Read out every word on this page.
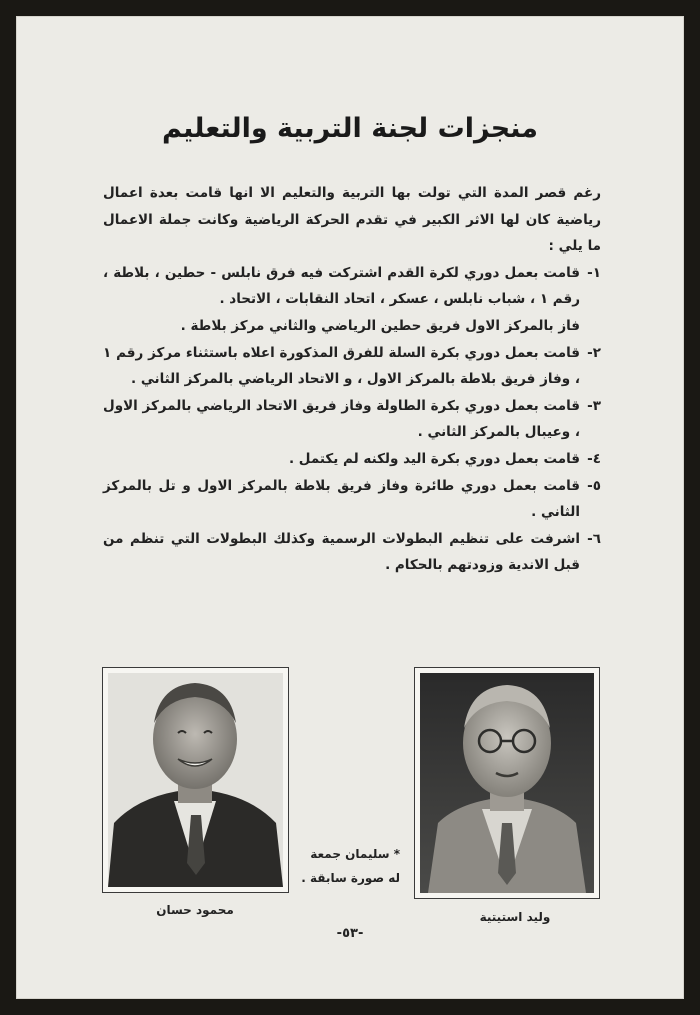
منجزات لجنة التربية والتعليم

رغم قصر المدة التي تولت بها التربية والتعليم الا انها قامت بعدة اعمال رياضية كان لها الاثر الكبير في تقدم الحركة الرياضية وكانت جملة الاعمال ما يلي :

١-

قامت بعمل دوري لكرة القدم اشتركت فيه فرق نابلس - حطين ، بلاطة ، رقم ١ ، شباب نابلس ، عسكر ، اتحاد النقابات ، الاتحاد .

فاز بالمركز الاول فريق حطين الرياضي والثاني مركز بلاطة .

٢-

قامت بعمل دوري بكرة السلة للفرق المذكورة اعلاه باستثناء مركز رقم ١ ، وفاز فريق بلاطة بالمركز الاول ، و الاتحاد الرياضي بالمركز الثاني .

٣-

قامت بعمل دوري بكرة الطاولة وفاز فريق الاتحاد الرياضي بالمركز الاول ، وعيبال بالمركز الثاني .

٤-

قامت بعمل دوري بكرة اليد ولكنه لم يكتمل .

٥-

قامت بعمل دوري طائرة وفاز فريق بلاطة بالمركز الاول و تل بالمركز الثاني .

٦-

اشرفت على تنظيم البطولات الرسمية وكذلك البطولات التي تنظم من قبل الاندية وزودتهم بالحكام .

* سليمان جمعة

له صورة سابقة .

وليد استيتية
محمود حسان
-٥٣-
